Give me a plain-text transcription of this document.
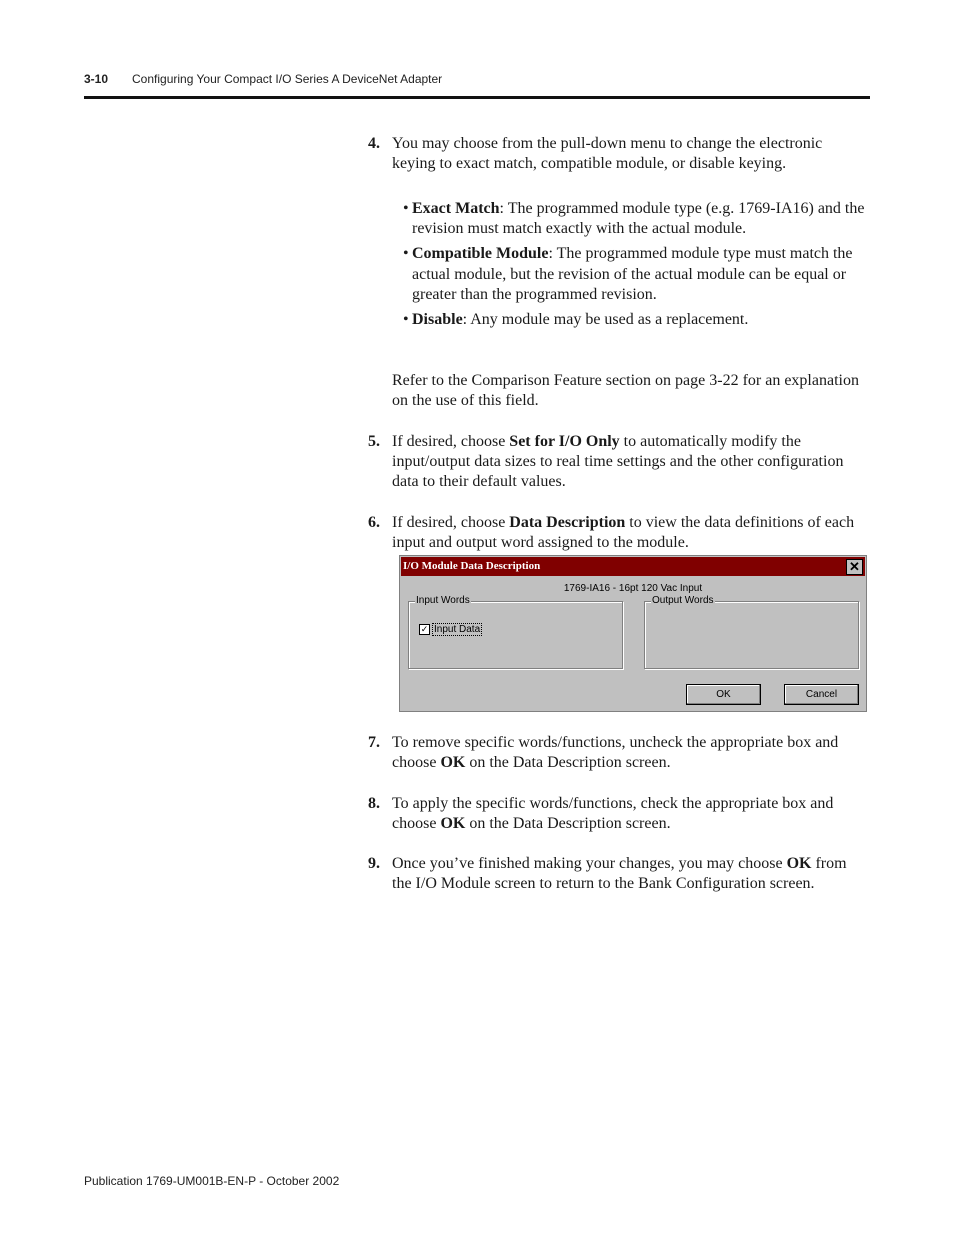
3-10 Configuring Your Compact I/O Series A DeviceNet Adapter
4. You may choose from the pull-down menu to change the electronic keying to exact match, compatible module, or disable keying.
• Exact Match: The programmed module type (e.g. 1769-IA16) and the revision must match exactly with the actual module.
• Compatible Module: The programmed module type must match the actual module, but the revision of the actual module can be equal or greater than the programmed revision.
• Disable: Any module may be used as a replacement.
Refer to the Comparison Feature section on page 3-22 for an explanation on the use of this field.
5. If desired, choose Set for I/O Only to automatically modify the input/output data sizes to real time settings and the other configuration data to their default values.
6. If desired, choose Data Description to view the data definitions of each input and output word assigned to the module.
I/O Module Data Description	✕
1769-IA16 - 16pt 120 Vac Input
Input Words
✓ Input Data
Output Words
OK	Cancel
7. To remove specific words/functions, uncheck the appropriate box and choose OK on the Data Description screen.
8. To apply the specific words/functions, check the appropriate box and choose OK on the Data Description screen.
9. Once you’ve finished making your changes, you may choose OK from the I/O Module screen to return to the Bank Configuration screen.
Publication 1769-UM001B-EN-P - October 2002
